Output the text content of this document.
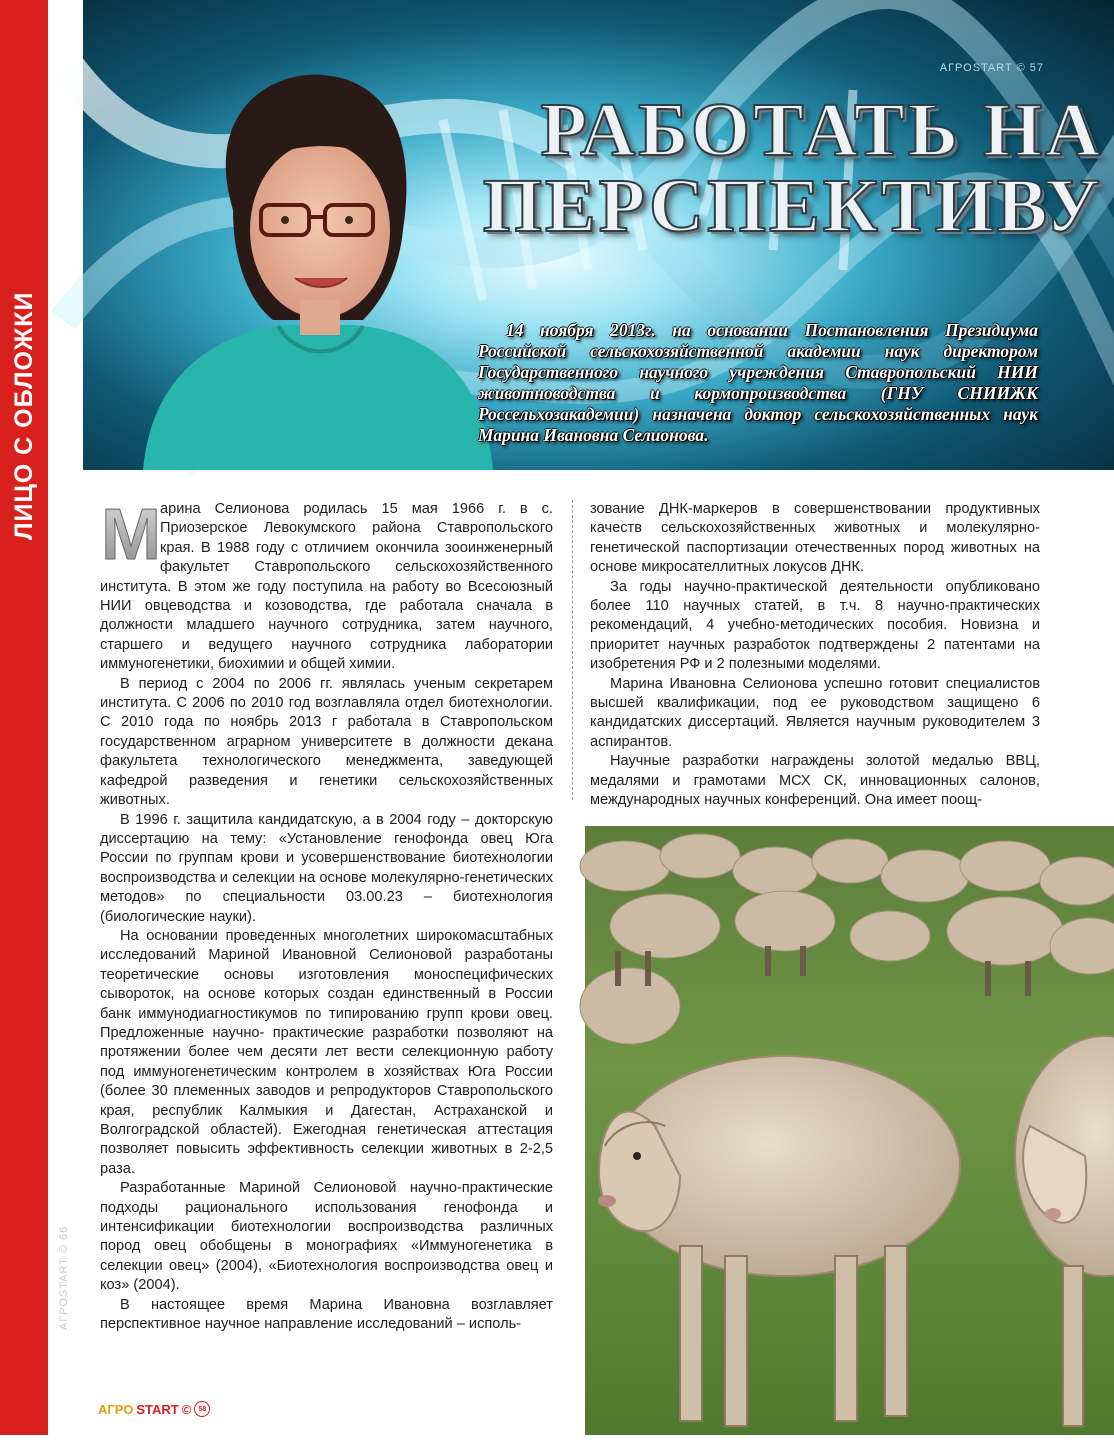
ЛИЦО С ОБЛОЖКИ
АГРОSTART © 66
АГРОSTART © 57
РАБОТАТЬ НА
ПЕРСПЕКТИВУ

14 ноября 2013г. на основании Постановления Президиума Российской сельскохозяйственной академии наук директором Государственного научного учреждения Ставропольский НИИ животноводства и кормопроизводства (ГНУ СНИИЖК Россельхозакадемии) назначена доктор сельскохозяйственных наук Марина Ивановна Селионова.

М арина Селионова родилась 15 мая 1966 г. в с. Приозерское Левокумского района Ставропольского края. В 1988 году с отличием окончила зооинженерный факультет Ставропольского сельскохозяйственного института. В этом же году поступила на работу во Всесоюзный НИИ овцеводства и козоводства, где работала сначала в должности младшего научного сотрудника, затем научного, старшего и ведущего научного сотрудника лаборатории иммуногенетики, биохимии и общей химии.

В период с 2004 по 2006 гг. являлась ученым секретарем института. С 2006 по 2010 год возглавляла отдел биотехнологии. С 2010 года по ноябрь 2013 г работала в Ставропольском государственном аграрном университете в должности декана факультета технологического менеджмента, заведующей кафедрой разведения и генетики сельскохозяйственных животных.

В 1996 г. защитила кандидатскую, а в 2004 году – докторскую диссертацию на тему: «Установление генофонда овец Юга России по группам крови и усовершенствование биотехнологии воспроизводства и селекции на основе молекулярно-генетических методов» по специальности 03.00.23 – биотехнология (биологические науки).

На основании проведенных многолетних широкомасштабных исследований Мариной Ивановной Селионовой разработаны теоретические основы изготовления моноспецифических сывороток, на основе которых создан единственный в России банк иммунодиагностикумов по типированию групп крови овец. Предложенные научно- практические разработки позволяют на протяжении более чем десяти лет вести селекционную работу под иммуногенетическим контролем в хозяйствах Юга России (более 30 племенных заводов и репродукторов Ставропольского края, республик Калмыкия и Дагестан, Астраханской и Волгоградской областей). Ежегодная генетическая аттестация позволяет повысить эффективность селекции животных в 2-2,5 раза.

Разработанные Мариной Селионовой научно-практические подходы рационального использования генофонда и интенсификации биотехнологии воспроизводства различных пород овец обобщены в монографиях «Иммуногенетика в селекции овец» (2004), «Биотехнология воспроизводства овец и коз» (2004).

В настоящее время Марина Ивановна возглавляет перспективное научное направление исследований – исполь-

зование ДНК-маркеров в совершенствовании продуктивных качеств сельскохозяйственных животных и молекулярно-генетической паспортизации отечественных пород животных на основе микросателлитных локусов ДНК.

За годы научно-практической деятельности опубликовано более 110 научных статей, в т.ч. 8 научно-практических рекомендаций, 4 учебно-методических пособия. Новизна и приоритет научных разработок подтверждены 2 патентами на изобретения РФ и 2 полезными моделями.

Марина Ивановна Селионова успешно готовит специалистов высшей квалификации, под ее руководством защищено 6 кандидатских диссертаций. Является научным руководителем 3 аспирантов.

Научные разработки награждены золотой медалью ВВЦ, медалями и грамотами МСХ СК, инновационных салонов, международных научных конференций. Она имеет поощ-

АГРО START ©	58
